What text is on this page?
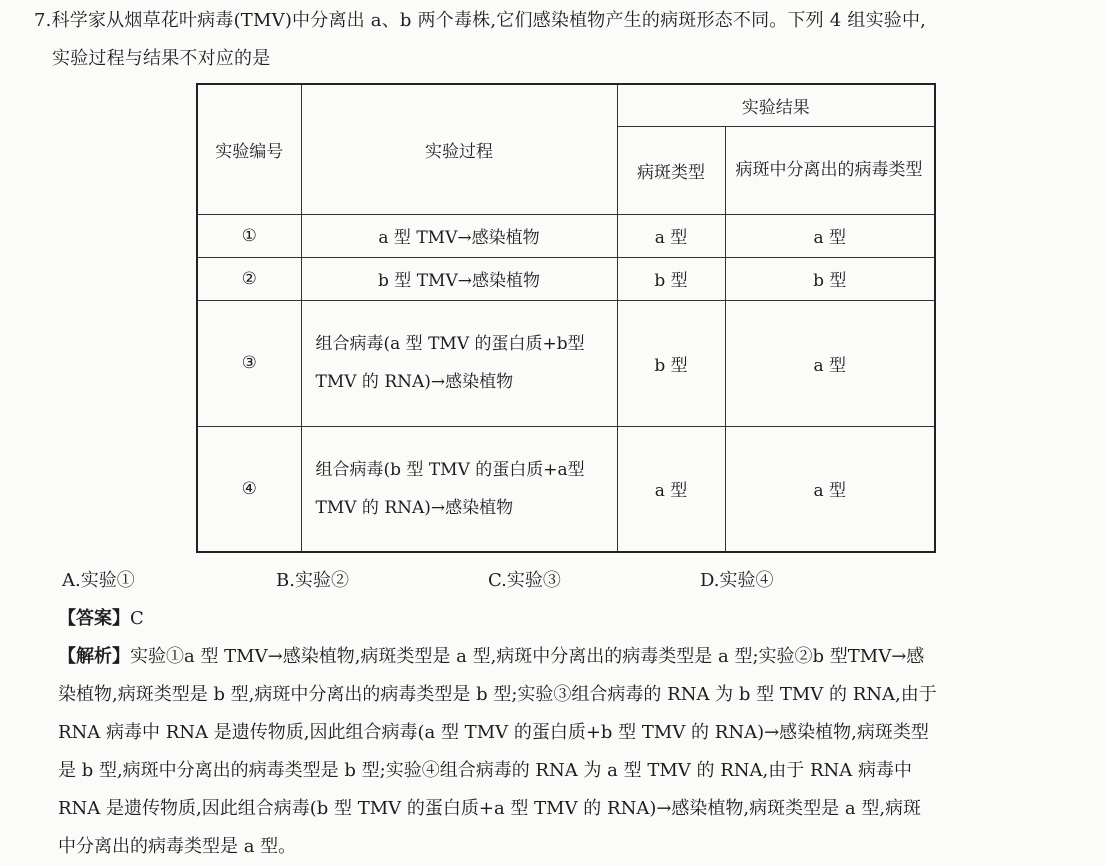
7.科学家从烟草花叶病毒(TMV)中分离出 a、b 两个毒株,它们感染植物产生的病斑形态不同。下列 4 组实验中,
实验过程与结果不对应的是
实验编号	实验过程	实验结果	
		病斑类型	病斑中分离出的病毒类型
①	a 型 TMV→感染植物	a 型	a 型
②	b 型 TMV→感染植物	b 型	b 型
③	组合病毒(a 型 TMV 的蛋白质+b型 TMV 的 RNA)→感染植物	b 型	a 型
④	组合病毒(b 型 TMV 的蛋白质+a型 TMV 的 RNA)→感染植物	a 型	a 型
A.实验①	B.实验②	C.实验③	D.实验④
【答案】C
【解析】实验①a 型 TMV→感染植物,病斑类型是 a 型,病斑中分离出的病毒类型是 a 型;实验②b 型TMV→感
染植物,病斑类型是 b 型,病斑中分离出的病毒类型是 b 型;实验③组合病毒的 RNA 为 b 型 TMV 的 RNA,由于
RNA 病毒中 RNA 是遗传物质,因此组合病毒(a 型 TMV 的蛋白质+b 型 TMV 的 RNA)→感染植物,病斑类型
是 b 型,病斑中分离出的病毒类型是 b 型;实验④组合病毒的 RNA 为 a 型 TMV 的 RNA,由于 RNA 病毒中
RNA 是遗传物质,因此组合病毒(b 型 TMV 的蛋白质+a 型 TMV 的 RNA)→感染植物,病斑类型是 a 型,病斑
中分离出的病毒类型是 a 型。
